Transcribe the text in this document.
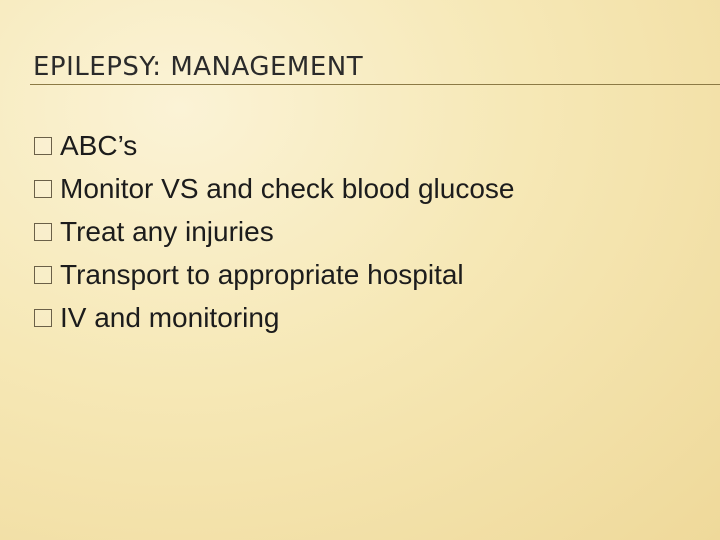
EPILEPSY: MANAGEMENT
ABC’s
Monitor VS and check blood glucose
Treat any injuries
Transport to appropriate hospital
IV and monitoring
